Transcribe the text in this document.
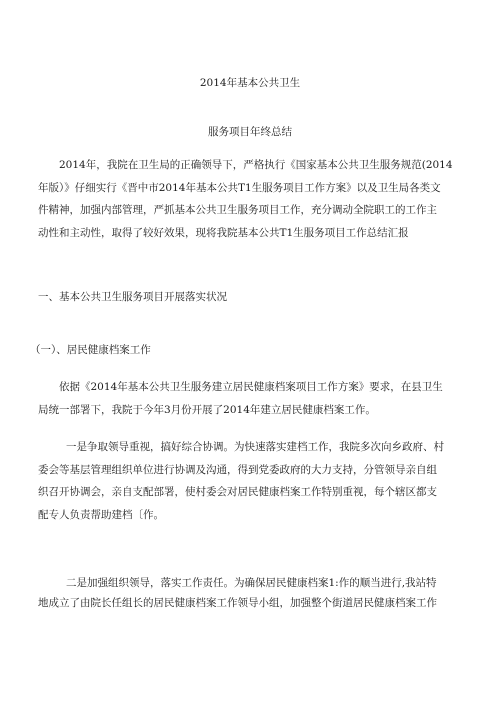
2014年基本公共卫生
服务项目年终总结
2014年，我院在卫生局的正确领导下，严格执行《国家基本公共卫生服务规范(2014
年版）》仔细实行《晋中市2014年基本公共T1生服务项目工作方案》以及卫生局各类文
件精神，加强内部管理，严抓基本公共卫生服务项目工作，充分调动全院职工的工作主
动性和主动性，取得了较好效果，现将我院基本公共T1生服务项目工作总结汇报
一、基本公共卫生服务项目开展落实状况
（一）、居民健康档案工作
依据《2014年基本公共卫生服务建立居民健康档案项目工作方案》要求，在县卫生
局统一部署下，我院于今年3月份开展了2014年建立居民健康档案工作。
一是争取领导重视，搞好综合协调。为快速落实建档工作，我院多次向乡政府、村
委会等基层管理组织单位进行协调及沟通，得到党委政府的大力支持，分管领导亲自组
织召开协调会，亲自支配部署，使村委会对居民健康档案工作特别重视，每个辖区都支
配专人负责帮助建档〔作。
二是加强组织领导，落实工作责任。为确保居民健康档案1:作的顺当进行,我站特
地成立了由院长任组长的居民健康档案工作领导小组，加强整个街道居民健康档案工作
